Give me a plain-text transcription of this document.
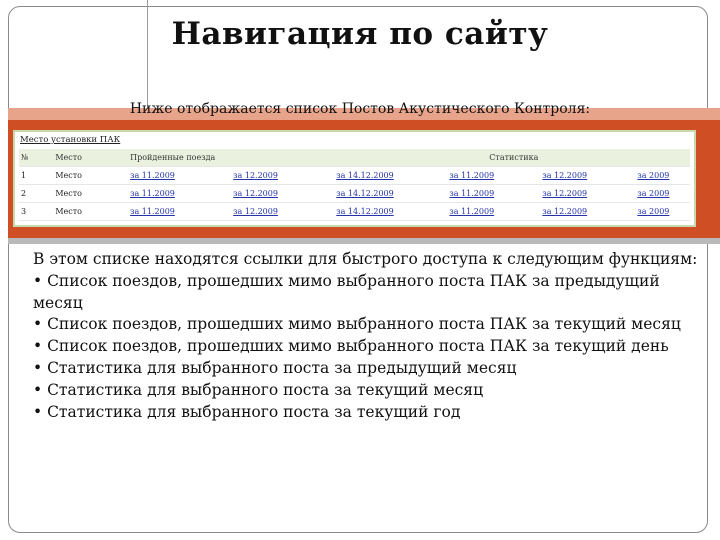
Навигация по сайту
Ниже отображается список Постов Акустического Контроля:
Место установки ПАК
№	Место	Пройденные поезда			Статистика		
1	Место	за 11.2009	за 12.2009	за 14.12.2009	за 11.2009	за 12.2009	за 2009
2	Место	за 11.2009	за 12.2009	за 14.12.2009	за 11.2009	за 12.2009	за 2009
3	Место	за 11.2009	за 12.2009	за 14.12.2009	за 11.2009	за 12.2009	за 2009

В этом списке находятся ссылки для быстрого доступа к следующим функциям:

• Список поездов, прошедших мимо выбранного поста ПАК за предыдущий месяц

• Список поездов, прошедших мимо выбранного поста ПАК за текущий месяц

• Список поездов, прошедших мимо выбранного поста ПАК за текущий день

• Статистика для выбранного поста за предыдущий месяц

• Статистика для выбранного поста за текущий месяц

• Статистика для выбранного поста за текущий год
